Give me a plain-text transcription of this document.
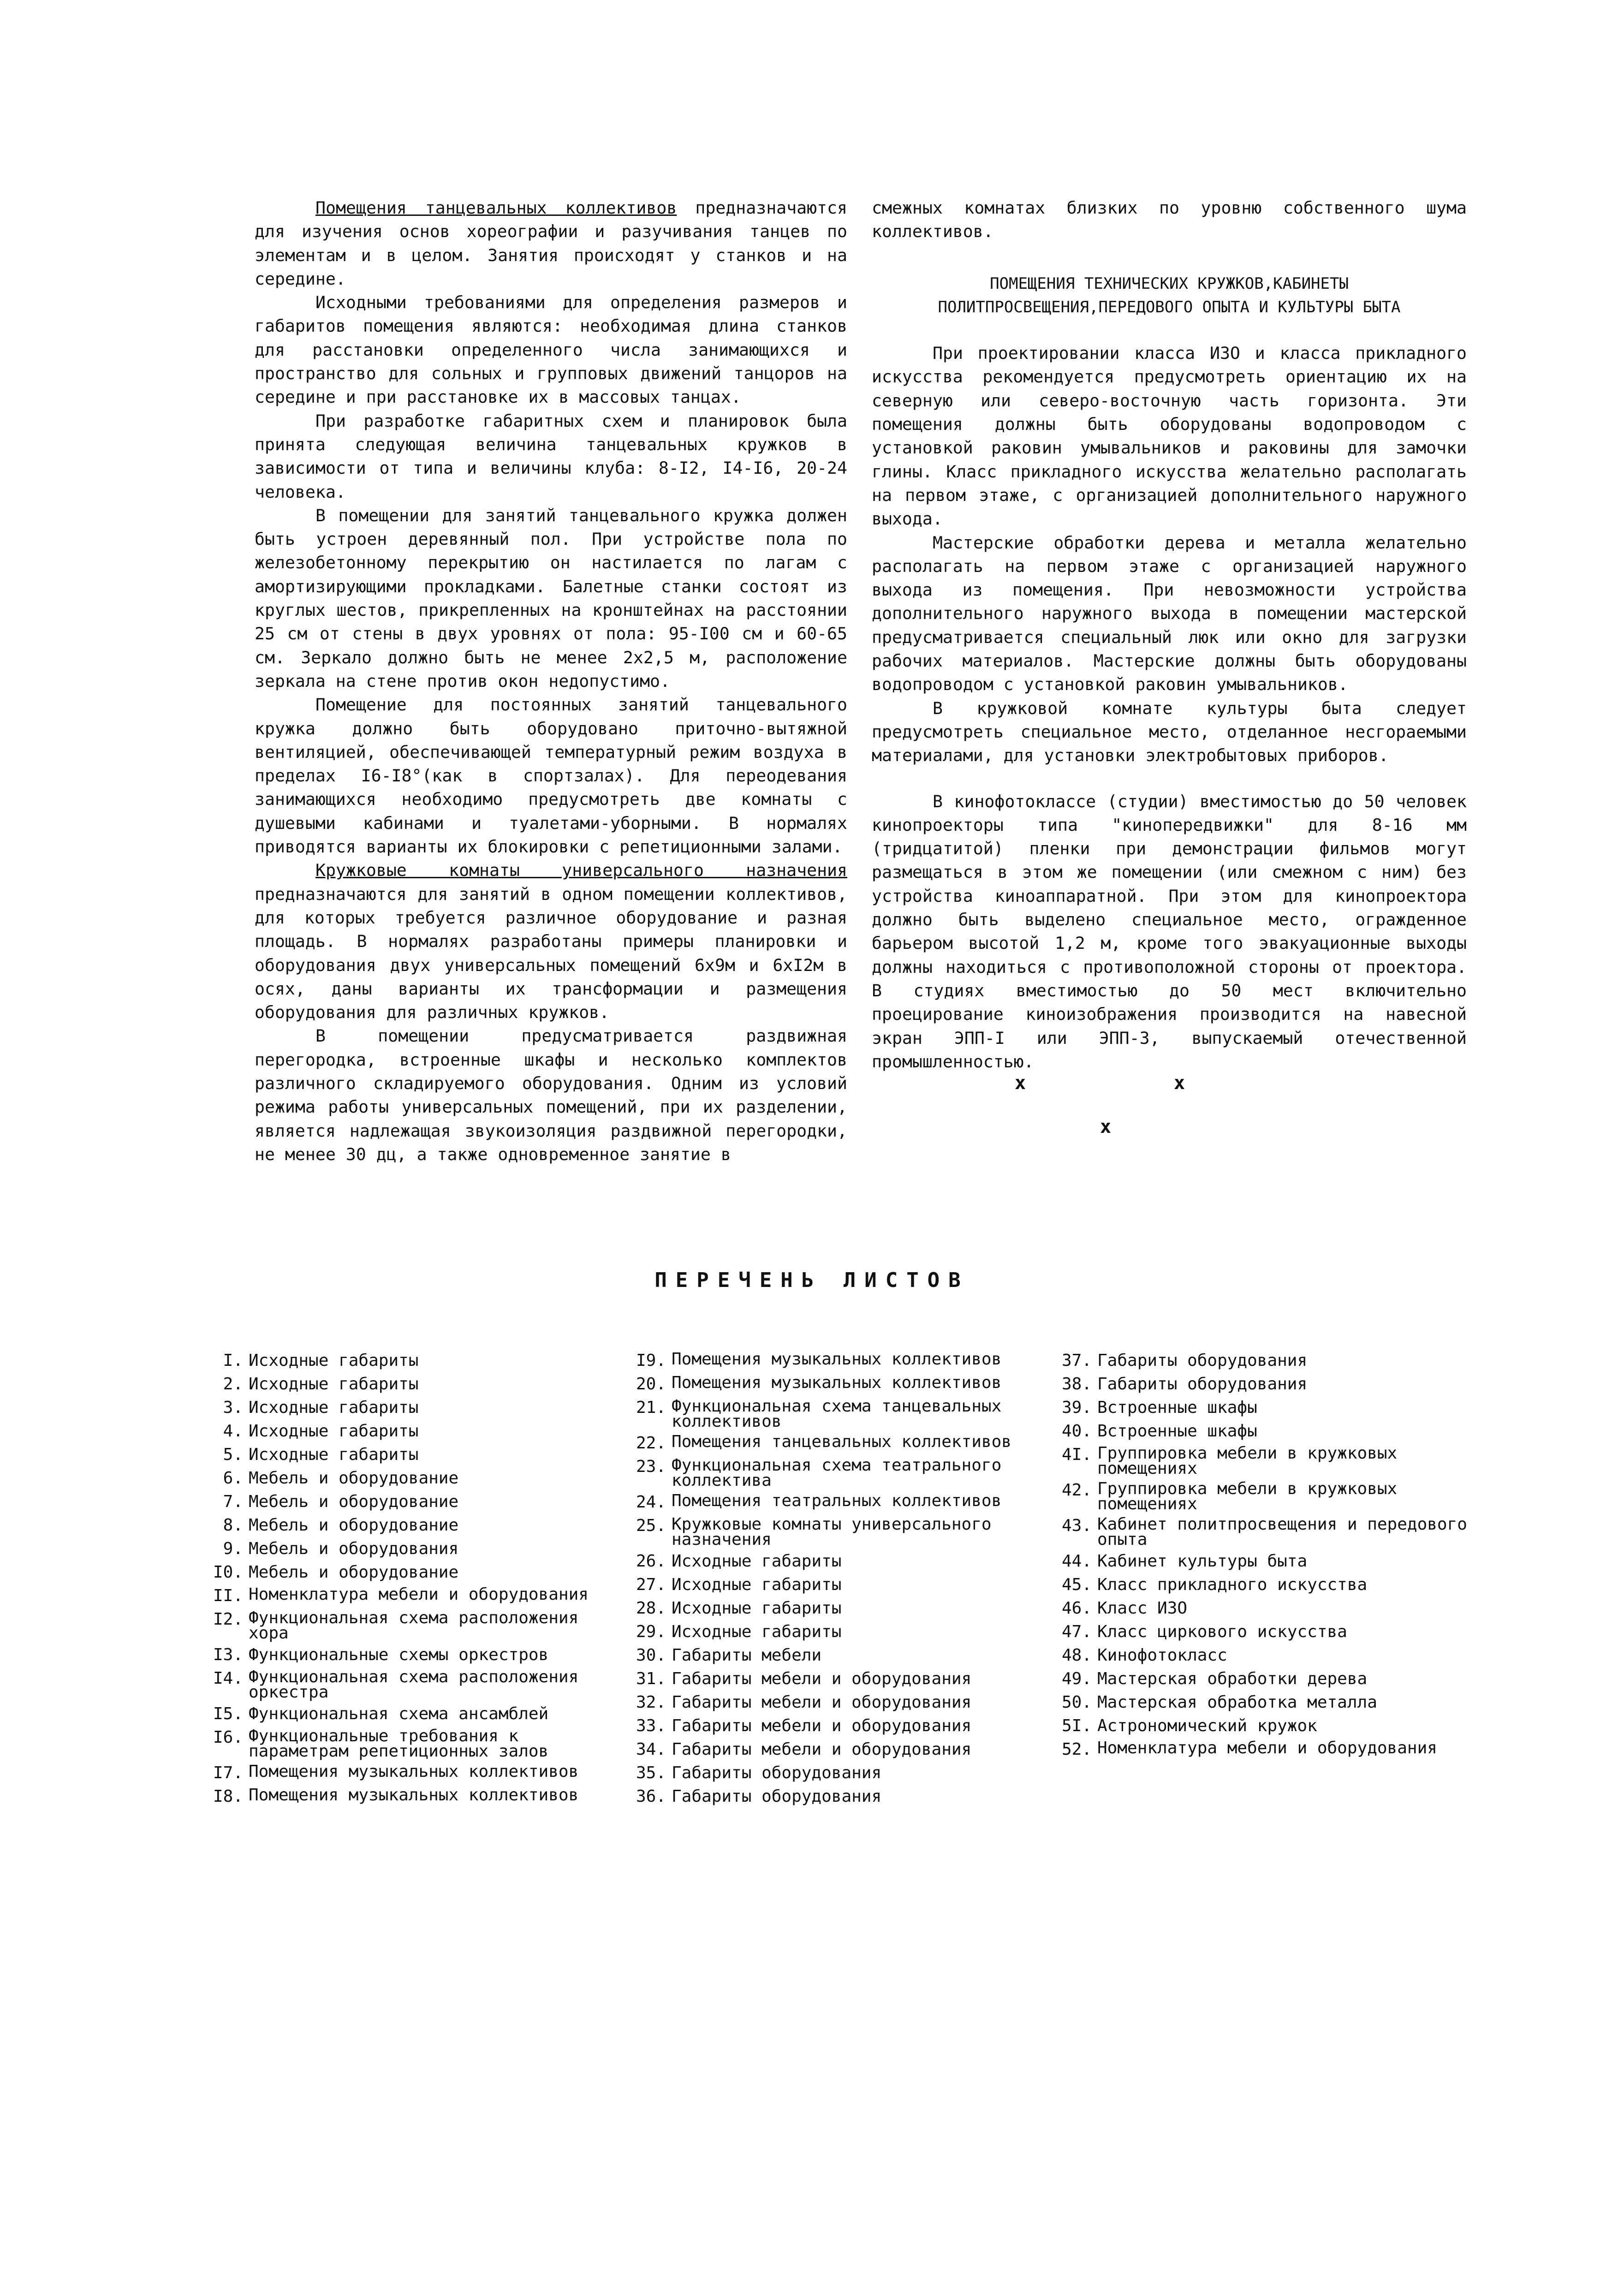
Помещения танцевальных коллективов предназначаются для изучения основ хореографии и разучивания танцев по элементам и в целом. Занятия происходят у станков и на середине.

Исходными требованиями для определения размеров и габаритов помещения являются: необходимая длина станков для расстановки определенного числа занимающихся и пространство для сольных и групповых движений танцоров на середине и при расстановке их в массовых танцах.

При разработке габаритных схем и планировок была принята следующая величина танцевальных кружков в зависимости от типа и величины клуба: 8-I2, I4-I6, 20-24 человека.

В помещении для занятий танцевального кружка должен быть устроен деревянный пол. При устройстве пола по железобетонному перекрытию он настилается по лагам с амортизирующими прокладками. Балетные станки состоят из круглых шестов, прикрепленных на кронштейнах на расстоянии 25 см от стены в двух уровнях от пола: 95-I00 см и 60-65 см. Зеркало должно быть не менее 2х2,5 м, расположение зеркала на стене против окон недопустимо.

Помещение для постоянных занятий танцевального кружка должно быть оборудовано приточно-вытяжной вентиляцией, обеспечивающей температурный режим воздуха в пределах I6-I8°(как в спортзалах). Для переодевания занимающихся необходимо предусмотреть две комнаты с душевыми кабинами и туалетами-уборными. В нормалях приводятся варианты их блокировки с репетиционными залами.

Кружковые комнаты универсального назначения предназначаются для занятий в одном помещении коллективов, для которых требуется различное оборудование и разная площадь. В нормалях разработаны примеры планировки и оборудования двух универсальных помещений 6х9м и 6хI2м в осях, даны варианты их трансформации и размещения оборудования для различных кружков.

В помещении предусматривается раздвижная перегородка, встроенные шкафы и несколько комплектов различного складируемого оборудования. Одним из условий режима работы универсальных помещений, при их разделении, является надлежащая звукоизоляция раздвижной перегородки, не менее 30 дц, а также одновременное занятие в

смежных комнатах близких по уровню собственного шума коллективов.

ПОМЕЩЕНИЯ ТЕХНИЧЕСКИХ КРУЖКОВ,КАБИНЕТЫ
ПОЛИТПРОСВЕЩЕНИЯ,ПЕРЕДОВОГО ОПЫТА И КУЛЬТУРЫ БЫТА

При проектировании класса ИЗО и класса прикладного искусства рекомендуется предусмотреть ориентацию их на северную или северо-восточную часть горизонта. Эти помещения должны быть оборудованы водопроводом с установкой раковин умывальников и раковины для замочки глины. Класс прикладного искусства желательно располагать на первом этаже, с организацией дополнительного наружного выхода.

Мастерские обработки дерева и металла желательно располагать на первом этаже с организацией наружного выхода из помещения. При невозможности устройства дополнительного наружного выхода в помещении мастерской предусматривается специальный люк или окно для загрузки рабочих материалов. Мастерские должны быть оборудованы водопроводом с установкой раковин умывальников.

В кружковой комнате культуры быта следует предусмотреть специальное место, отделанное несгораемыми материалами, для установки электробытовых приборов.

В кинофотоклассе (студии) вместимостью до 50 человек кинопроекторы типа "кинопередвижки" для 8-16 мм (тридцатитой) пленки при демонстрации фильмов могут размещаться в этом же помещении (или смежном с ним) без устройства киноаппаратной. При этом для кинопроектора должно быть выделено специальное место, огражденное барьером высотой 1,2 м, кроме того эвакуационные выходы должны находиться с противоположной стороны от проектора. В студиях вместимостью до 50 мест включительно проецирование киноизображения производится на навесной экран ЭПП-I или ЭПП-3, выпускаемый отечественной промышленностью.

x	x
x
ПЕРЕЧЕНЬ ЛИСТОВ
I. Исходные габариты
2. Исходные габариты
3. Исходные габариты
4. Исходные габариты
5. Исходные габариты
6. Мебель и оборудование
7. Мебель и оборудование
8. Мебель и оборудование
9. Мебель и оборудования
I0. Мебель и оборудование
II. Номенклатура мебели и оборудования
I2. Функциональная схема расположения хора
I3. Функциональные схемы оркестров
I4. Функциональная схема расположения оркестра
I5. Функциональная схема ансамблей
I6. Функциональные требования к параметрам репетиционных залов
I7. Помещения музыкальных коллективов
I8. Помещения музыкальных коллективов
I9. Помещения музыкальных коллективов
20. Помещения музыкальных коллективов
21. Функциональная схема танцевальных коллективов
22. Помещения танцевальных коллективов
23. Функциональная схема театрального коллектива
24. Помещения театральных коллективов
25. Кружковые комнаты универсального назначения
26. Исходные габариты
27. Исходные габариты
28. Исходные габариты
29. Исходные габариты
30. Габариты мебели
31. Габариты мебели и оборудования
32. Габариты мебели и оборудования
33. Габариты мебели и оборудования
34. Габариты мебели и оборудования
35. Габариты оборудования
36. Габариты оборудования
37. Габариты оборудования
38. Габариты оборудования
39. Встроенные шкафы
40. Встроенные шкафы
4I. Группировка мебели в кружковых помещениях
42. Группировка мебели в кружковых помещениях
43. Кабинет политпросвещения и передового опыта
44. Кабинет культуры быта
45. Класс прикладного искусства
46. Класс ИЗО
47. Класс циркового искусства
48. Кинофотокласс
49. Мастерская обработки дерева
50. Мастерская обработка металла
5I. Астрономический кружок
52. Номенклатура мебели и оборудования
